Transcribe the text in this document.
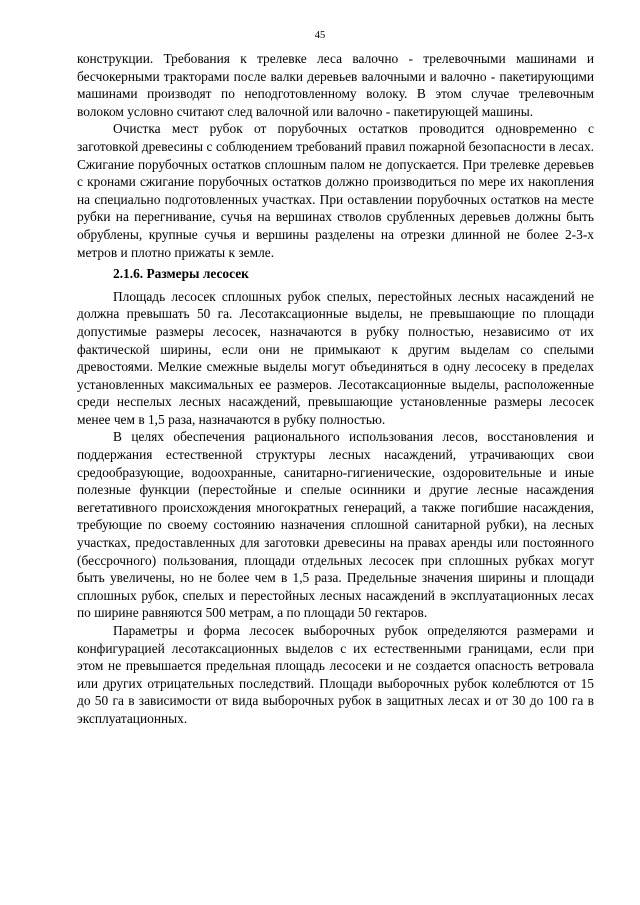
45

конструкции. Требования к трелевке леса валочно - трелевочными машинами и бесчокерными тракторами после валки деревьев валочными и валочно - пакетирующими машинами производят по неподготовленному волоку. В этом случае трелевочным волоком условно считают след валочной или валочно - пакетирующей машины.

Очистка мест рубок от порубочных остатков проводится одновременно с заготовкой древесины с соблюдением требований правил пожарной безопасности в лесах. Сжигание порубочных остатков сплошным палом не допускается. При трелевке деревьев с кронами сжигание порубочных остатков должно производиться по мере их накопления на специально подготовленных участках. При оставлении порубочных остатков на месте рубки на перегнивание, сучья на вершинах стволов срубленных деревьев должны быть обрублены, крупные сучья и вершины разделены на отрезки длинной не более 2-3-х метров и плотно прижаты к земле.

2.1.6. Размеры лесосек

Площадь лесосек сплошных рубок спелых, перестойных лесных насаждений не должна превышать 50 га. Лесотаксационные выделы, не превышающие по площади допустимые размеры лесосек, назначаются в рубку полностью, независимо от их фактической ширины, если они не примыкают к другим выделам со спелыми древостоями. Мелкие смежные выделы могут объединяться в одну лесосеку в пределах установленных максимальных ее размеров. Лесотаксационные выделы, расположенные среди неспелых лесных насаждений, превышающие установленные размеры лесосек менее чем в 1,5 раза, назначаются в рубку полностью.

В целях обеспечения рационального использования лесов, восстановления и поддержания естественной структуры лесных насаждений, утрачивающих свои средообразующие, водоохранные, санитарно-гигиенические, оздоровительные и иные полезные функции (перестойные и спелые осинники и другие лесные насаждения вегетативного происхождения многократных генераций, а также погибшие насаждения, требующие по своему состоянию назначения сплошной санитарной рубки), на лесных участках, предоставленных для заготовки древесины на правах аренды или постоянного (бессрочного) пользования, площади отдельных лесосек при сплошных рубках могут быть увеличены, но не более чем в 1,5 раза. Предельные значения ширины и площади сплошных рубок, спелых и перестойных лесных насаждений в эксплуатационных лесах по ширине равняются 500 метрам, а по площади 50 гектаров.

Параметры и форма лесосек выборочных рубок определяются размерами и конфигурацией лесотаксационных выделов с их естественными границами, если при этом не превышается предельная площадь лесосеки и не создается опасность ветровала или других отрицательных последствий. Площади выборочных рубок колеблются от 15 до 50 га в зависимости от вида выборочных рубок в защитных лесах и от 30 до 100 га в эксплуатационных.
